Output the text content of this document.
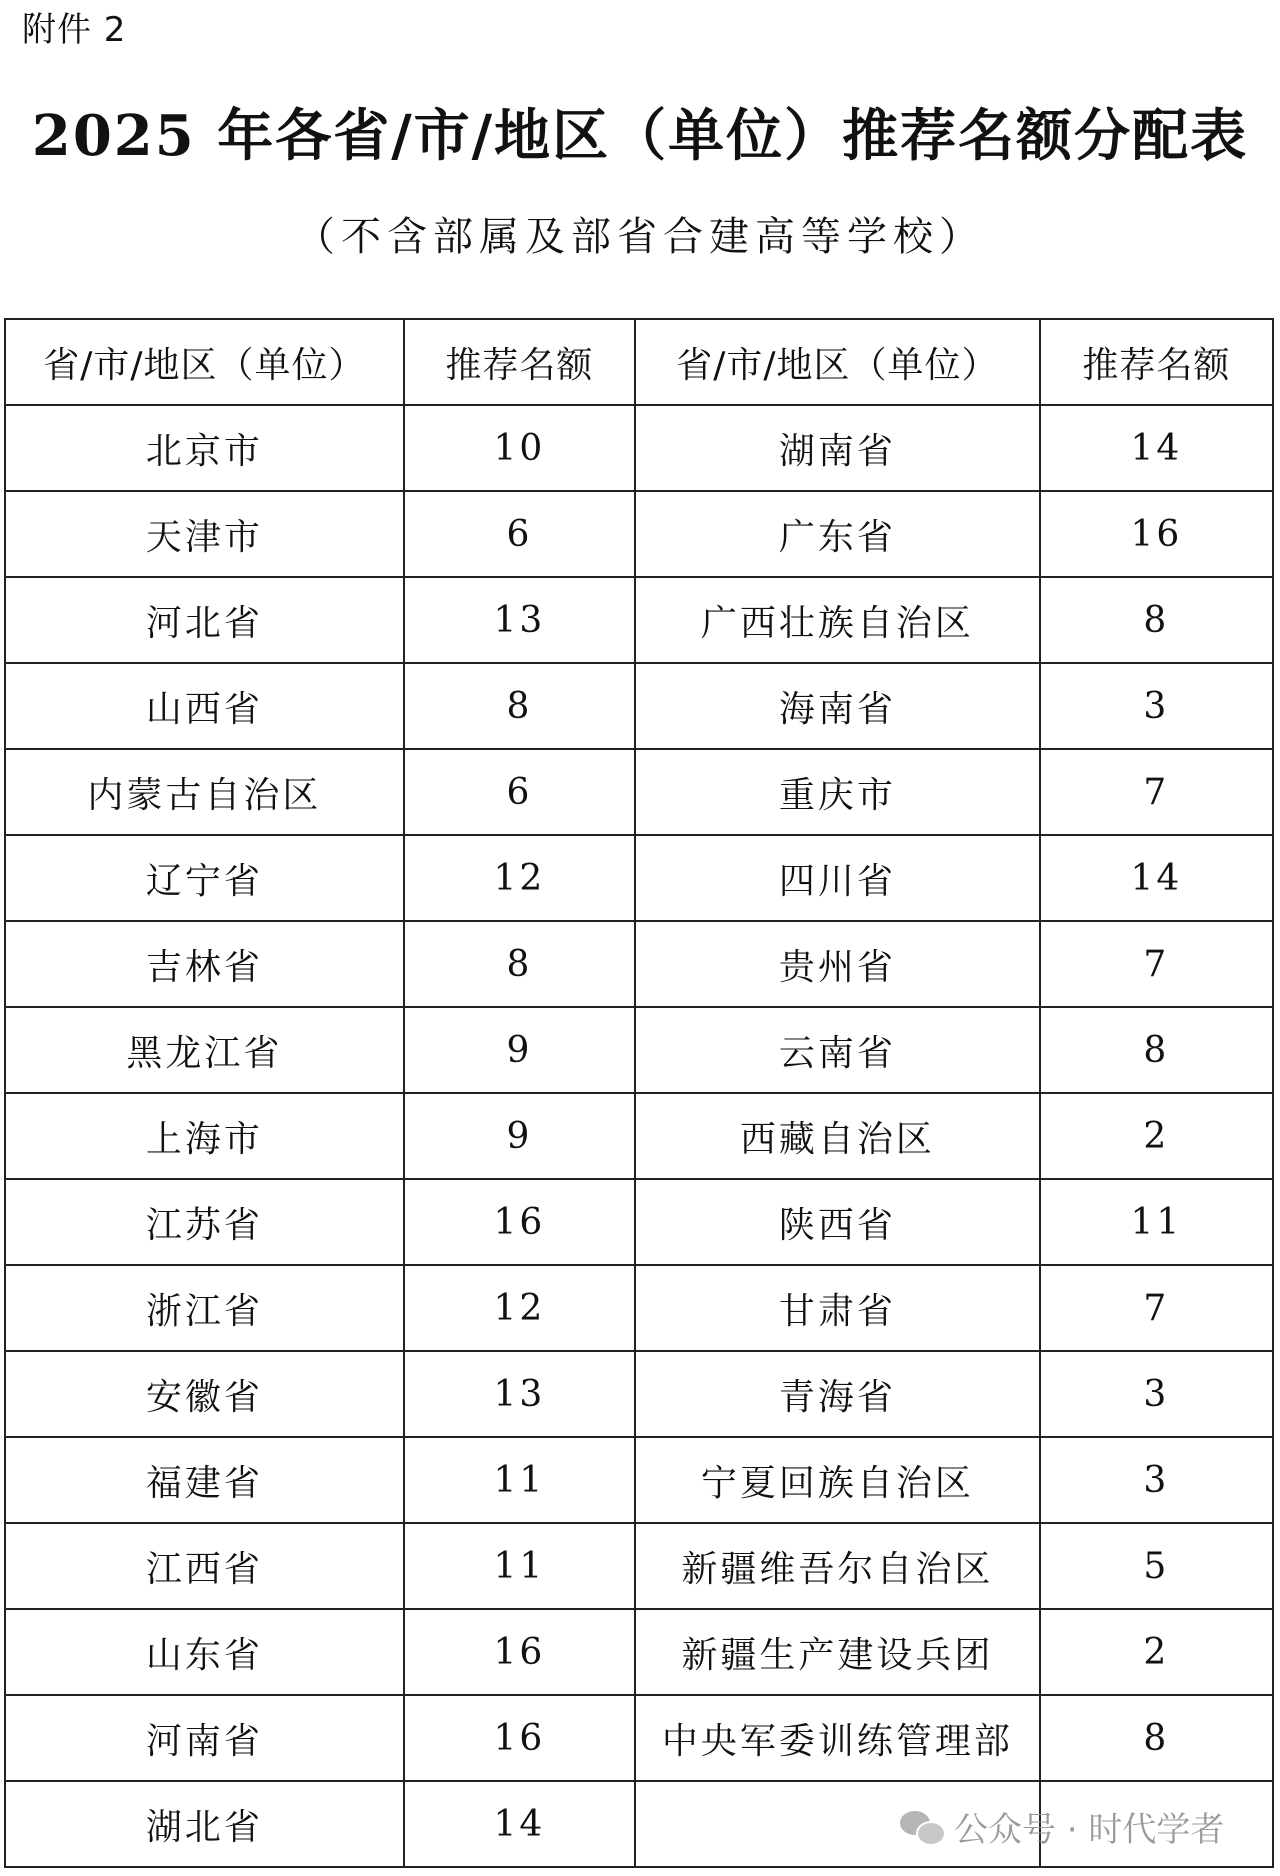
附件 2
2025 年各省/市/地区（单位）推荐名额分配表
（不含部属及部省合建高等学校）
省/市/地区（单位）	推荐名额	省/市/地区（单位）	推荐名额
北京市	10	湖南省	14
天津市	6	广东省	16
河北省	13	广西壮族自治区	8
山西省	8	海南省	3
内蒙古自治区	6	重庆市	7
辽宁省	12	四川省	14
吉林省	8	贵州省	7
黑龙江省	9	云南省	8
上海市	9	西藏自治区	2
江苏省	16	陕西省	11
浙江省	12	甘肃省	7
安徽省	13	青海省	3
福建省	11	宁夏回族自治区	3
江西省	11	新疆维吾尔自治区	5
山东省	16	新疆生产建设兵团	2
河南省	16	中央军委训练管理部	8
湖北省	14			公众号 · 时代学者
